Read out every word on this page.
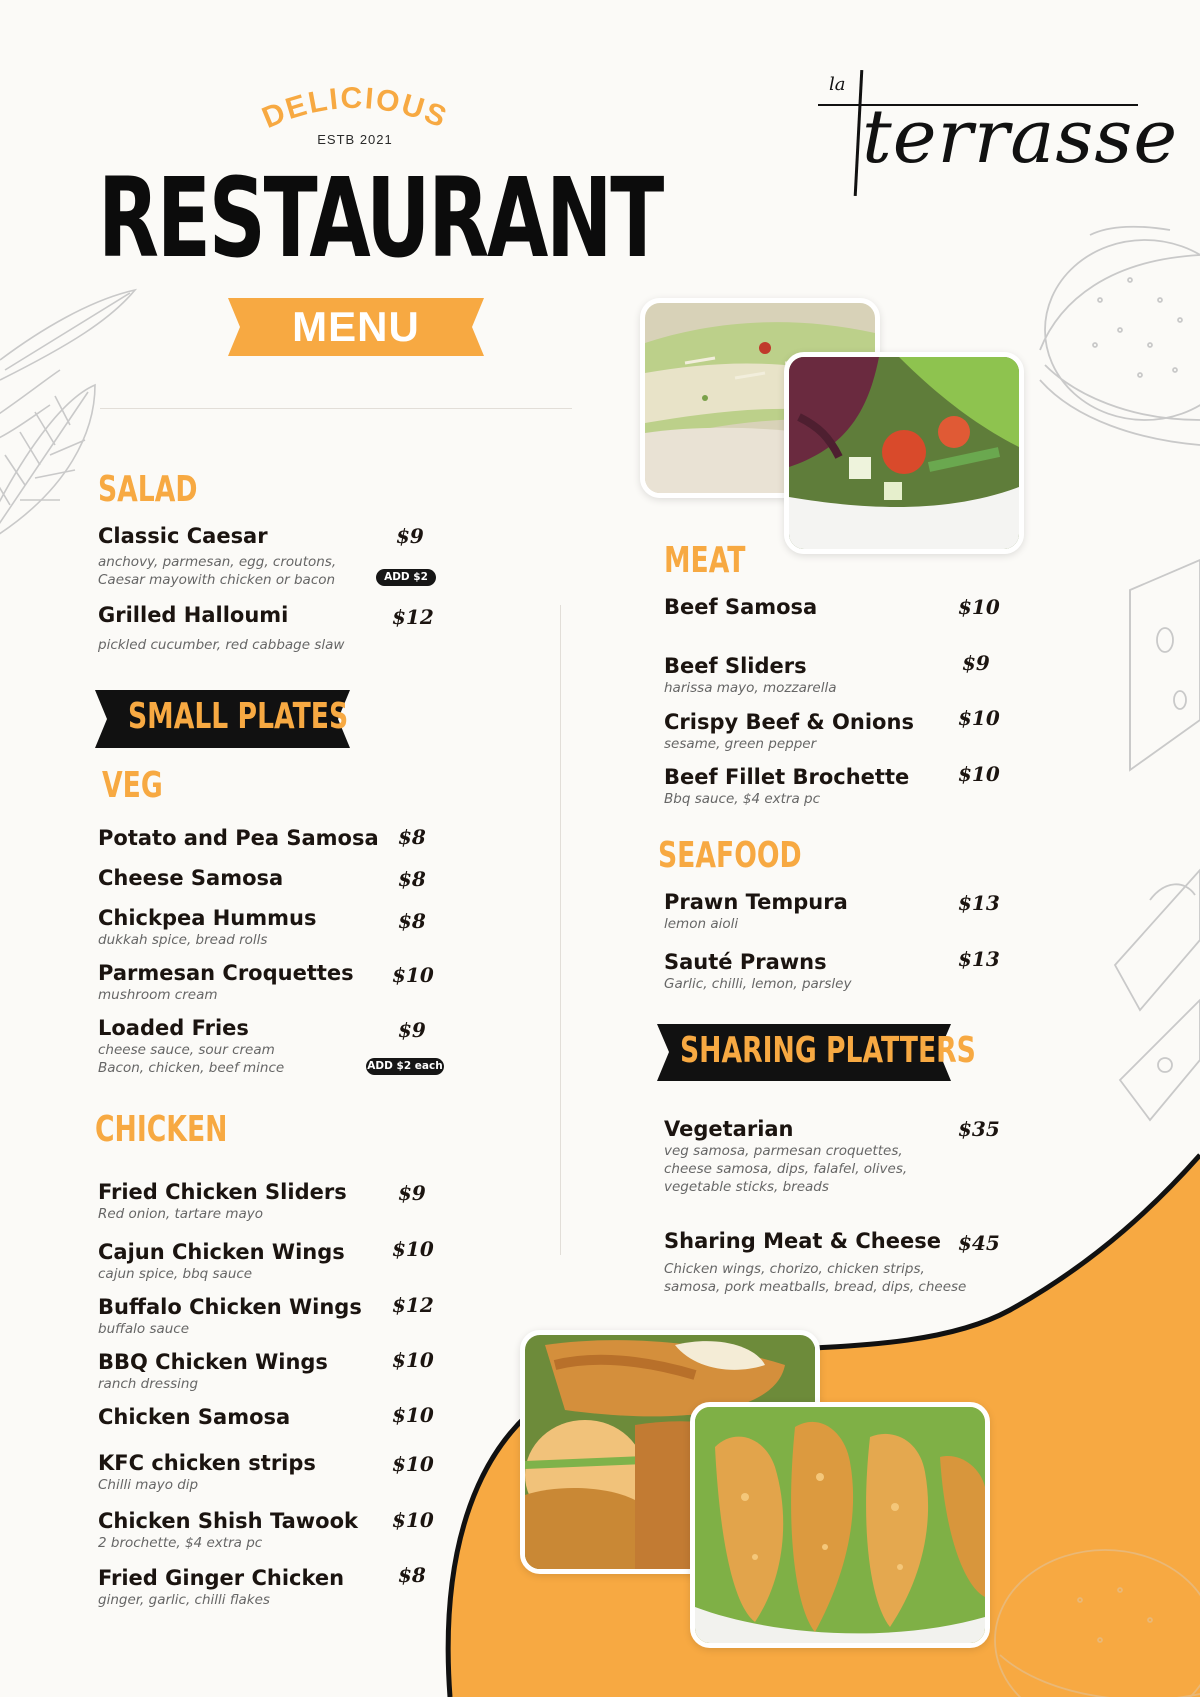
DELICIOUS
ESTB 2021
RESTAURANT
MENU
la
terrasse
SALAD
Classic Caesar
anchovy, parmesan, egg, croutons,
Caesar mayowith chicken or bacon
$9
ADD $2
Grilled Halloumi
pickled cucumber, red cabbage slaw
$12
SMALL PLATES
VEG
Potato and Pea Samosa $8
Cheese Samosa	$8
Chickpea Hummus
dukkah spice, bread rolls
$8
Parmesan Croquettes
mushroom cream
$10
Loaded Fries
cheese sauce, sour cream
Bacon, chicken, beef mince
$9
ADD $2 each
CHICKEN
Fried Chicken Sliders
Red onion, tartare mayo
$9
Cajun Chicken Wings
cajun spice, bbq sauce
$10
Buffalo Chicken Wings
buffalo sauce
$12
BBQ Chicken Wings
ranch dressing
$10
Chicken Samosa	$10
KFC chicken strips
Chilli mayo dip
$10
Chicken Shish Tawook
2 brochette, $4 extra pc
$10
Fried Ginger Chicken
ginger, garlic, chilli flakes
$8
MEAT
Beef Samosa	$10
Beef Sliders
harissa mayo, mozzarella
$9
Crispy Beef & Onions
sesame, green pepper
$10
Beef Fillet Brochette
Bbq sauce, $4 extra pc
$10
SEAFOOD
Prawn Tempura
lemon aioli
$13
Sauté Prawns
Garlic, chilli, lemon, parsley
$13
SHARING PLATTERS
Vegetarian
veg samosa, parmesan croquettes,
cheese samosa, dips, falafel, olives,
vegetable sticks, breads
$35
Sharing Meat & Cheese
Chicken wings, chorizo, chicken strips,
samosa, pork meatballs, bread, dips, cheese
$45
